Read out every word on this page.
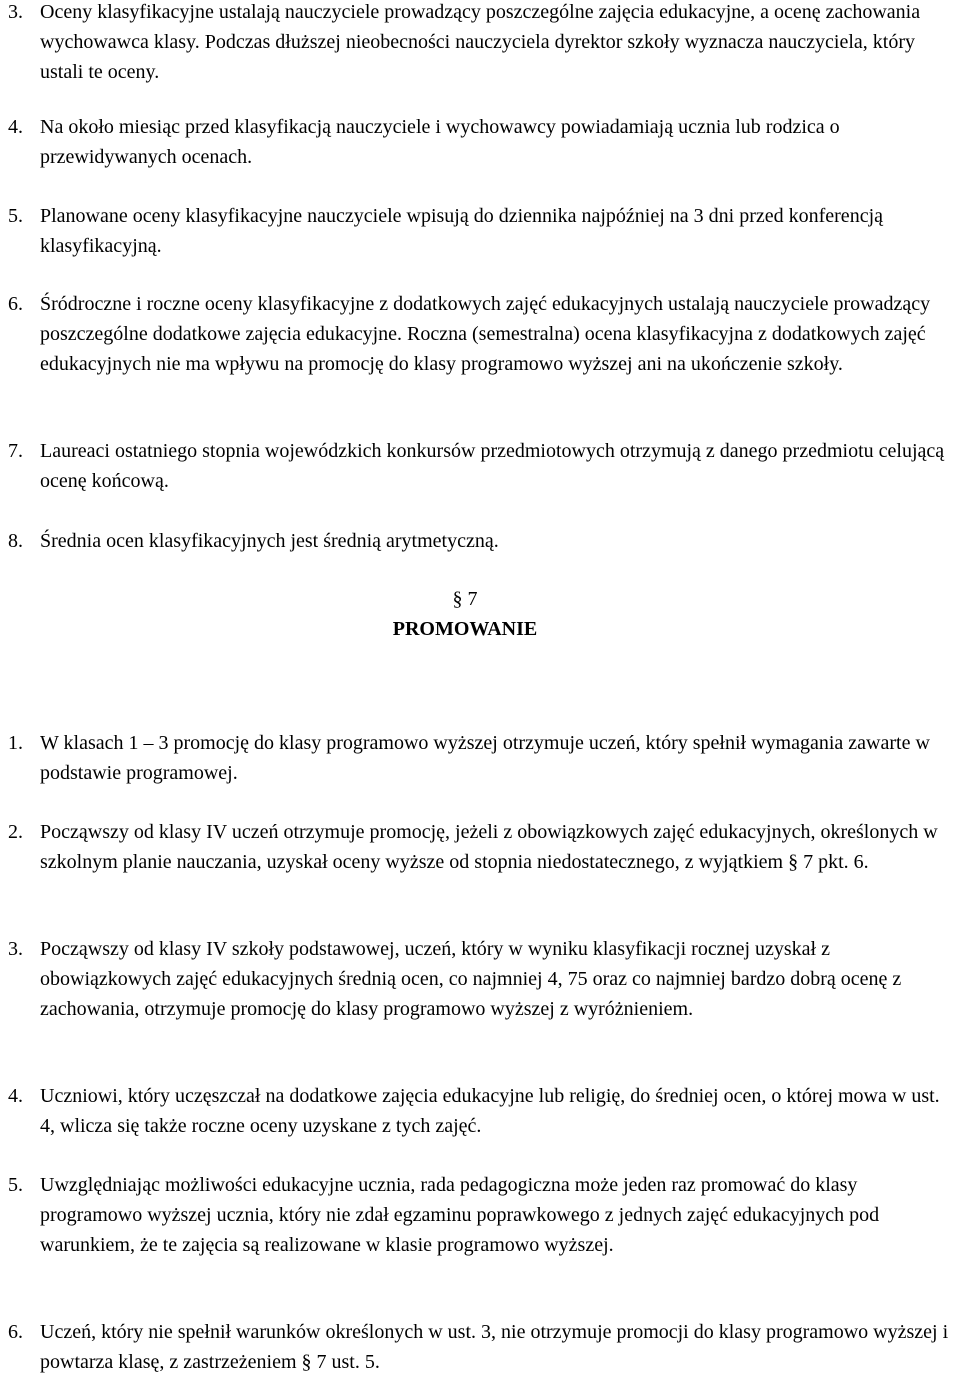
3. Oceny klasyfikacyjne ustalają nauczyciele prowadzący poszczególne zajęcia edukacyjne, a ocenę zachowania wychowawca klasy. Podczas dłuższej nieobecności nauczyciela dyrektor szkoły wyznacza nauczyciela, który ustali te oceny.
4. Na około miesiąc przed klasyfikacją nauczyciele i wychowawcy powiadamiają ucznia lub rodzica o przewidywanych ocenach.
5. Planowane oceny klasyfikacyjne nauczyciele wpisują do dziennika najpóźniej na 3 dni przed konferencją klasyfikacyjną.
6. Śródroczne i roczne oceny klasyfikacyjne z dodatkowych zajęć edukacyjnych ustalają nauczyciele prowadzący poszczególne dodatkowe zajęcia edukacyjne. Roczna (semestralna) ocena klasyfikacyjna z dodatkowych zajęć edukacyjnych nie ma wpływu na promocję do klasy programowo wyższej ani na ukończenie szkoły.
7. Laureaci ostatniego stopnia wojewódzkich konkursów przedmiotowych otrzymują z danego przedmiotu celującą ocenę końcową.
8. Średnia ocen klasyfikacyjnych jest średnią arytmetyczną.
§ 7
PROMOWANIE
1. W klasach 1 – 3 promocję do klasy programowo wyższej otrzymuje uczeń, który spełnił wymagania zawarte w podstawie programowej.
2. Począwszy od klasy IV uczeń otrzymuje promocję, jeżeli z obowiązkowych zajęć edukacyjnych, określonych w szkolnym planie nauczania, uzyskał oceny wyższe od stopnia niedostatecznego, z wyjątkiem § 7 pkt. 6.
3. Począwszy od klasy IV szkoły podstawowej, uczeń, który w wyniku klasyfikacji rocznej uzyskał z obowiązkowych zajęć edukacyjnych średnią ocen, co najmniej 4, 75 oraz co najmniej bardzo dobrą ocenę z zachowania, otrzymuje promocję do klasy programowo wyższej z wyróżnieniem.
4. Uczniowi, który uczęszczał na dodatkowe zajęcia edukacyjne lub religię, do średniej ocen, o której mowa w ust. 4, wlicza się także roczne oceny uzyskane z tych zajęć.
5. Uwzględniając możliwości edukacyjne ucznia, rada pedagogiczna może jeden raz promować do klasy programowo wyższej ucznia, który nie zdał egzaminu poprawkowego z jednych zajęć edukacyjnych pod warunkiem, że te zajęcia są realizowane w klasie programowo wyższej.
6. Uczeń, który nie spełnił warunków określonych w ust. 3, nie otrzymuje promocji do klasy programowo wyższej i powtarza klasę, z zastrzeżeniem § 7 ust. 5.
